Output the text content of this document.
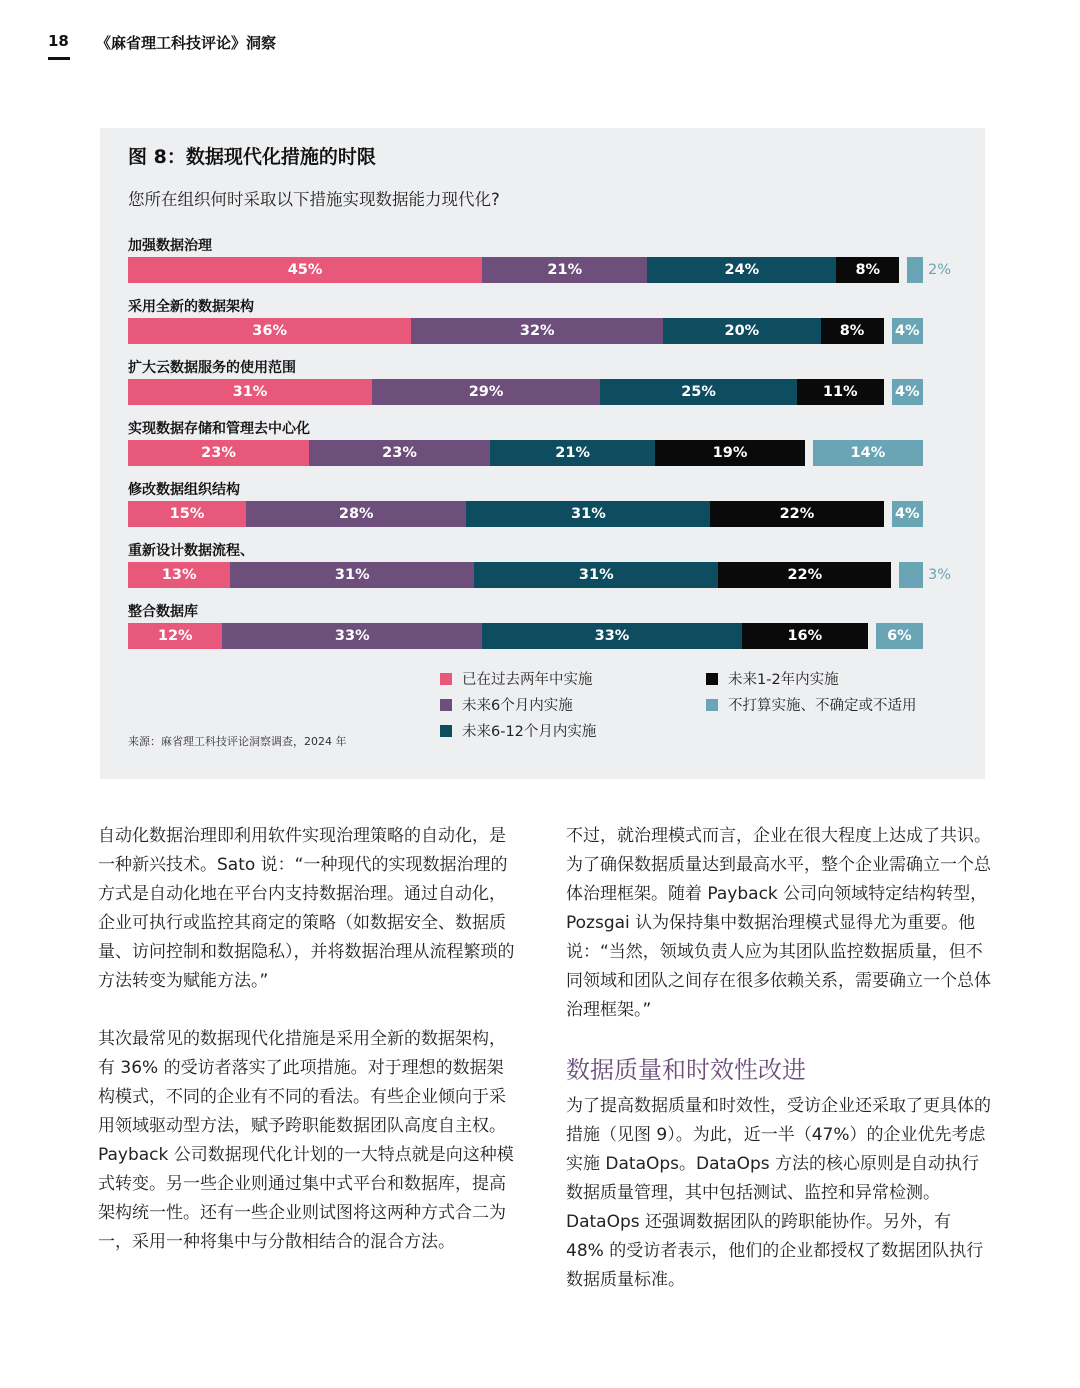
18 《麻省理工科技评论》洞察
图 8：数据现代化措施的时限
您所在组织何时采取以下措施实现数据能力现代化?
加强数据治理
45%	21%	24%	8%	2%
采用全新的数据架构
36%	32%	20%	8%	4%
扩大云数据服务的使用范围
31%	29%	25%	11%	4%
实现数据存储和管理去中心化
23%	23%	21%	19%	14%
修改数据组织结构
15%	28%	31%	22%	4%
重新设计数据流程、
13%	31%	31%	22%	3%
整合数据库
12%	33%	33%	16%	6%
已在过去两年中实施
未来6个月内实施
未来6-12个月内实施
未来1-2年内实施
不打算实施、不确定或不适用
来源：麻省理工科技评论洞察调查，2024 年

自动化数据治理即利用软件实现治理策略的自动化，是一种新兴技术。Sato 说：“一种现代的实现数据治理的方式是自动化地在平台内支持数据治理。通过自动化，企业可执行或监控其商定的策略（如数据安全、数据质量、访问控制和数据隐私），并将数据治理从流程繁琐的方法转变为赋能方法。”

其次最常见的数据现代化措施是采用全新的数据架构，有 36% 的受访者落实了此项措施。对于理想的数据架构模式，不同的企业有不同的看法。有些企业倾向于采用领域驱动型方法，赋予跨职能数据团队高度自主权。Payback 公司数据现代化计划的一大特点就是向这种模式转变。另一些企业则通过集中式平台和数据库，提高架构统一性。还有一些企业则试图将这两种方式合二为一，采用一种将集中与分散相结合的混合方法。

不过，就治理模式而言，企业在很大程度上达成了共识。为了确保数据质量达到最高水平，整个企业需确立一个总体治理框架。随着 Payback 公司向领域特定结构转型，Pozsgai 认为保持集中数据治理模式显得尤为重要。他说：“当然，领域负责人应为其团队监控数据质量，但不同领域和团队之间存在很多依赖关系，需要确立一个总体治理框架。”

数据质量和时效性改进

为了提高数据质量和时效性，受访企业还采取了更具体的措施（见图 9）。为此，近一半（47%）的企业优先考虑实施 DataOps。DataOps 方法的核心原则是自动执行数据质量管理，其中包括测试、监控和异常检测。DataOps 还强调数据团队的跨职能协作。另外，有 48% 的受访者表示，他们的企业都授权了数据团队执行数据质量标准。
